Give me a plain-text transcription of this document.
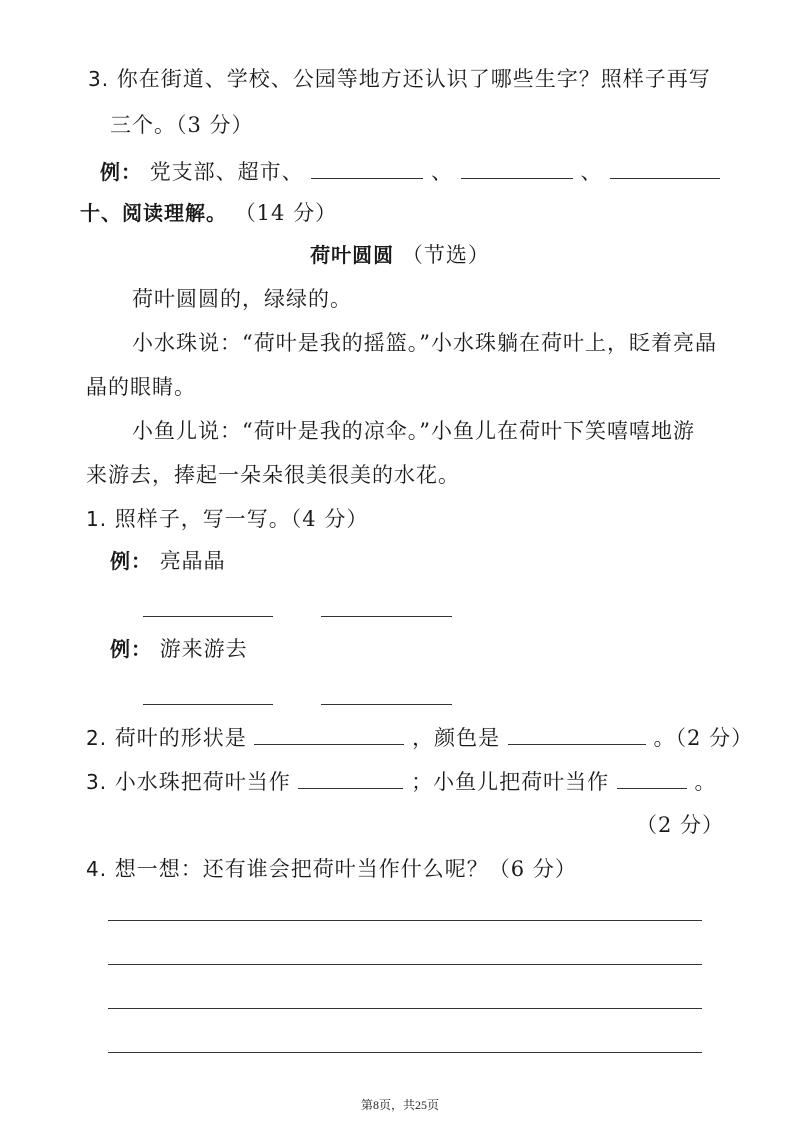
3. 你在街道、学校、公园等地方还认识了哪些生字？照样子再写
三个。（3 分）
例： 党支部、超市、	、	、
十、阅读理解。 （14 分）
荷叶圆圆 （节选）
荷叶圆圆的，绿绿的。
小水珠说：“荷叶是我的摇篮。”小水珠躺在荷叶上，眨着亮晶
晶的眼睛。
小鱼儿说：“荷叶是我的凉伞。”小鱼儿在荷叶下笑嘻嘻地游
来游去，捧起一朵朵很美很美的水花。
1. 照样子，写一写。（4 分）
例： 亮晶晶
例： 游来游去
2. 荷叶的形状是	，颜色是	。（2 分）
3. 小水珠把荷叶当作	；小鱼儿把荷叶当作	。
（2 分）
4. 想一想：还有谁会把荷叶当作什么呢？（6 分）
第8页，共25页
